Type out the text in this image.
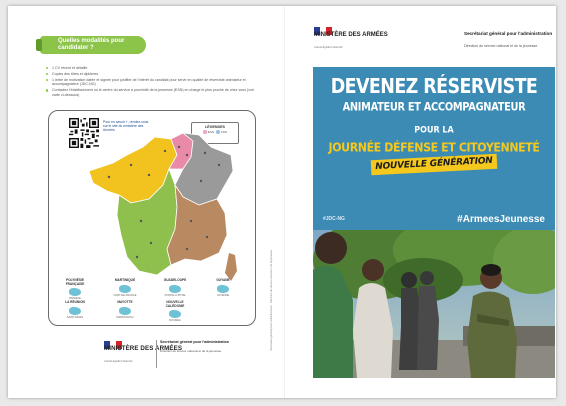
Quelles modalités pour candidater ?
1 CV récent et détaillé
Copies des titres et diplômes
1 lettre de motivation datée et signée pour justifier de l'intérêt du candidat pour servir en qualité de réserviste animateur et accompagnateur (JDC-NG)
Contactez l'établissement ou le centre du service à proximité de la jeunesse (ESN) en charge le plus proche de chez vous (voir carte ci-dessous)
Pour en savoir +, rendez-vous sur le site du ministère des Armées
LÉGENDES
ESN CSN
POLYNÉSIE FRANÇAISE
PAPEETE
MARTINIQUE
FORT-DE-FRANCE
GUADELOUPE
POINTE-À-PITRE
GUYANE
CAYENNE
LA RÉUNION
SAINT-DENIS
MAYOTTE
MAMOUDZOU
NOUVELLE CALÉDONIE
NOUMÉA
MINISTÈRE DES ARMÉES
Liberté Égalité Fraternité
Secrétariat général pour l'administration
Direction du service national et de la jeunesse	Secrétariat général pour l'administration · Direction du service national et de la jeunesse
MINISTÈRE DES ARMÉES
Liberté Égalité Fraternité
Secrétariat général pour l'administration
Direction du service national et de la jeunesse
DEVENEZ RÉSERVISTE
ANIMATEUR ET ACCOMPAGNATEUR
POUR LA
JOURNÉE DÉFENSE ET CITOYENNETÉ
NOUVELLE GÉNÉRATION
#JDC-NG	#ArmeesJeunesse
